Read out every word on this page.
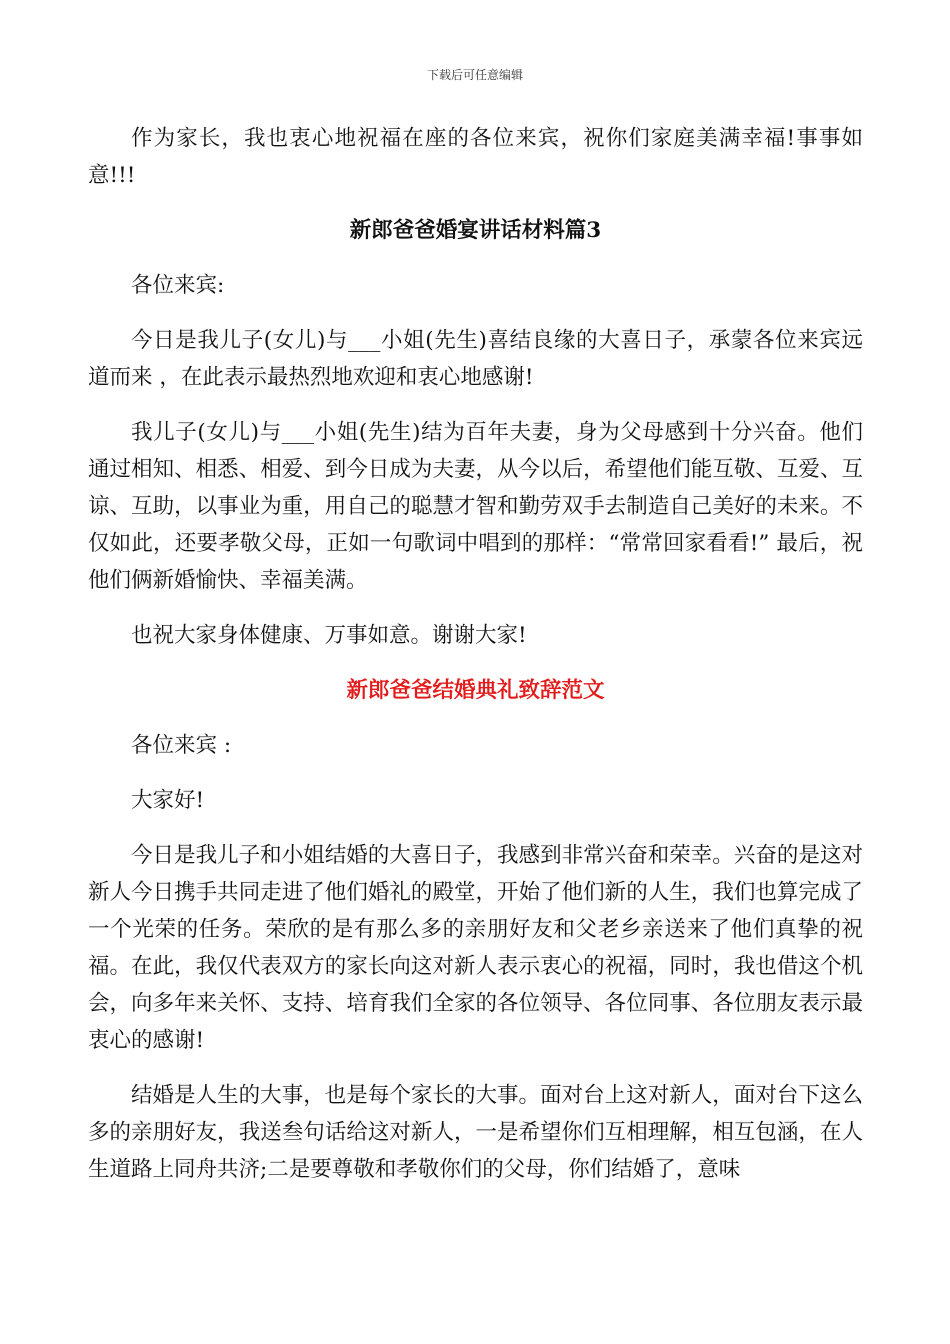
下载后可任意编辑

作为家长，我也衷心地祝福在座的各位来宾，祝你们家庭美满幸福!事事如意!!!

新郎爸爸婚宴讲话材料篇3

各位来宾:

今日是我儿子(女儿)与___小姐(先生)喜结良缘的大喜日子，承蒙各位来宾远道而来 ，在此表示最热烈地欢迎和衷心地感谢!

我儿子(女儿)与___小姐(先生)结为百年夫妻，身为父母感到十分兴奋。他们通过相知、相悉、相爱、到今日成为夫妻，从今以后，希望他们能互敬、互爱、互谅、互助，以事业为重，用自己的聪慧才智和勤劳双手去制造自己美好的未来。不仅如此，还要孝敬父母，正如一句歌词中唱到的那样：“常常回家看看!” 最后，祝他们俩新婚愉快、幸福美满。

也祝大家身体健康、万事如意。谢谢大家!

新郎爸爸结婚典礼致辞范文

各位来宾 :

大家好!

今日是我儿子和小姐结婚的大喜日子，我感到非常兴奋和荣幸。兴奋的是这对新人今日携手共同走进了他们婚礼的殿堂，开始了他们新的人生，我们也算完成了一个光荣的任务。荣欣的是有那么多的亲朋好友和父老乡亲送来了他们真挚的祝福。在此，我仅代表双方的家长向这对新人表示衷心的祝福，同时，我也借这个机会，向多年来关怀、支持、培育我们全家的各位领导、各位同事、各位朋友表示最衷心的感谢!

结婚是人生的大事，也是每个家长的大事。面对台上这对新人，面对台下这么多的亲朋好友，我送叁句话给这对新人，一是希望你们互相理解，相互包涵，在人生道路上同舟共济;二是要尊敬和孝敬你们的父母，你们结婚了，意味
